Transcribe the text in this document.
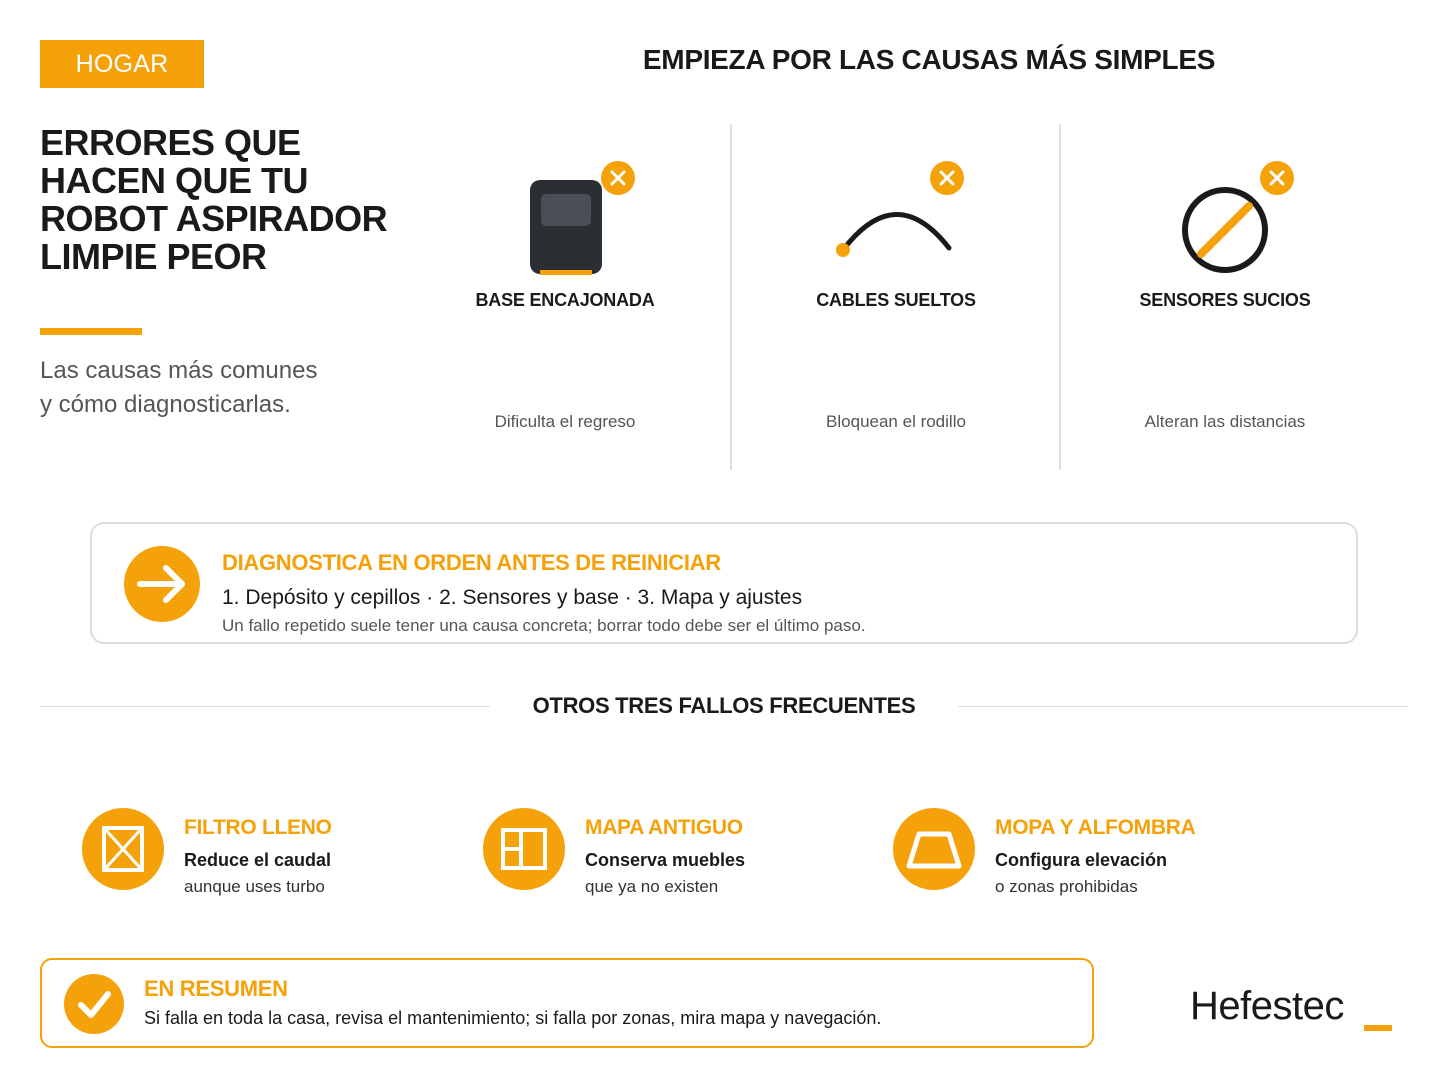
HOGAR
ERRORES QUE HACEN QUE TU ROBOT ASPIRADOR LIMPIE PEOR
Las causas más comunes
y cómo diagnosticarlas.
EMPIEZA POR LAS CAUSAS MÁS SIMPLES
BASE ENCAJONADA
Dificulta el regreso
CABLES SUELTOS
Bloquean el rodillo
SENSORES SUCIOS
Alteran las distancias
DIAGNOSTICA EN ORDEN ANTES DE REINICIAR
1. Depósito y cepillos · 2. Sensores y base · 3. Mapa y ajustes
Un fallo repetido suele tener una causa concreta; borrar todo debe ser el último paso.
OTROS TRES FALLOS FRECUENTES
FILTRO LLENO
Reduce el caudal
aunque uses turbo
MAPA ANTIGUO
Conserva muebles
que ya no existen
MOPA Y ALFOMBRA
Configura elevación
o zonas prohibidas
EN RESUMEN
Si falla en toda la casa, revisa el mantenimiento; si falla por zonas, mira mapa y navegación.	Hefestec
